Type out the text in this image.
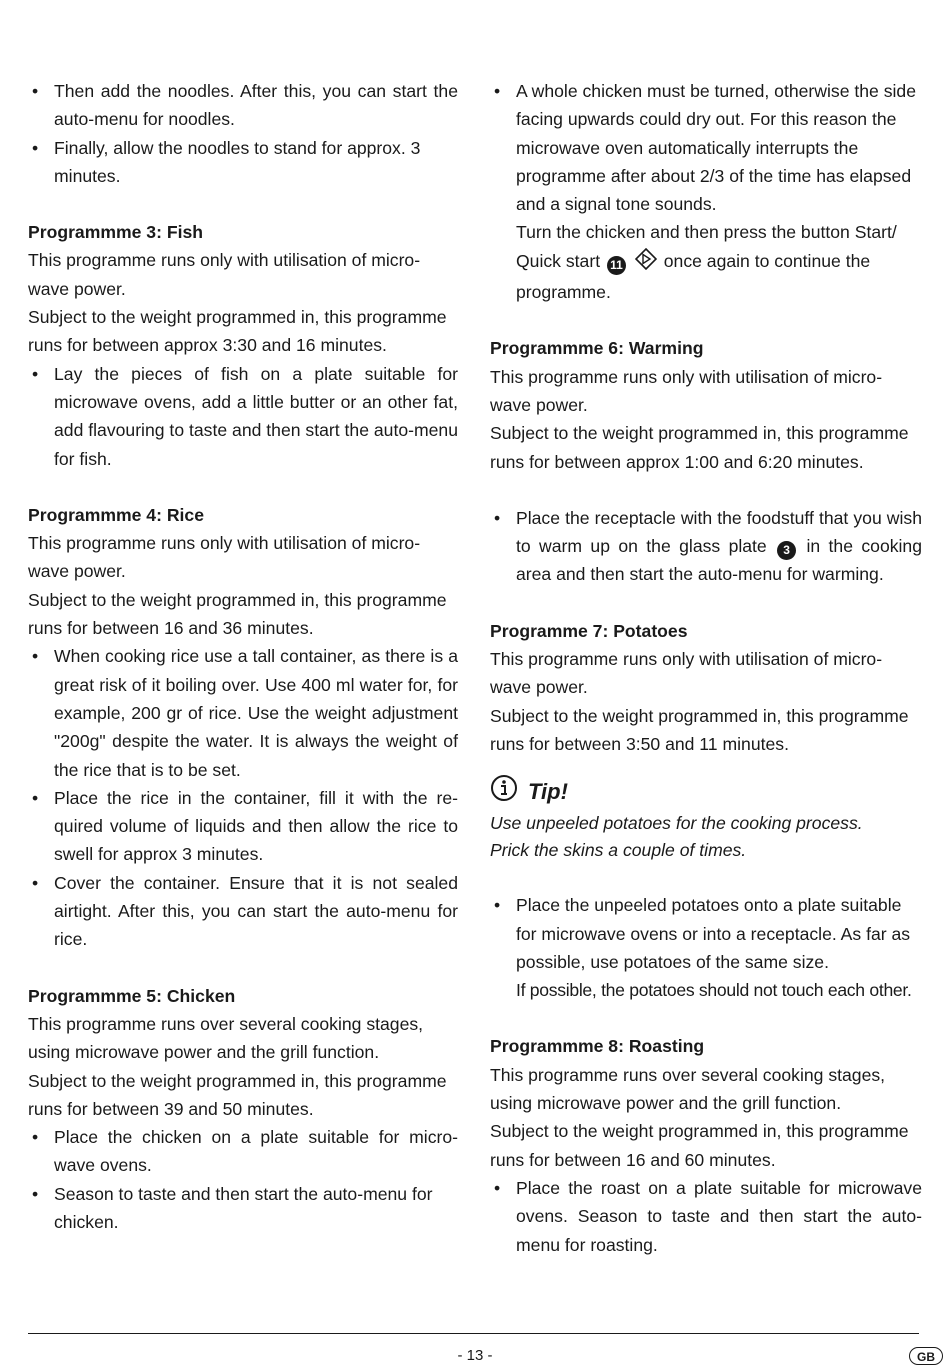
• Then add the noodles. After this, you can start the auto-menu for noodles.
• Finally, allow the noodles to stand for approx. 3 minutes.
Programmme 3: Fish

This programme runs only with utilisation of micro-wave power.

Subject to the weight programmed in, this programme runs for between approx 3:30 and 16 minutes.

• Lay the pieces of fish on a plate suitable for microwave ovens, add a little butter or an other fat, add flavouring to taste and then start the auto-menu for fish.
Programmme 4: Rice

This programme runs only with utilisation of micro-wave power.

Subject to the weight programmed in, this programme runs for between 16 and 36 minutes.

• When cooking rice use a tall container, as there is a great risk of it boiling over. Use 400 ml water for, for example, 200 gr of rice. Use the weight adjustment "200g" despite the water. It is always the weight of the rice that is to be set.
• Place the rice in the container, fill it with the re-quired volume of liquids and then allow the rice to swell for approx 3 minutes.
• Cover the container. Ensure that it is not sealed airtight. After this, you can start the auto-menu for rice.
Programmme 5: Chicken

This programme runs over several cooking stages, using microwave power and the grill function.

Subject to the weight programmed in, this programme runs for between 39 and 50 minutes.

• Place the chicken on a plate suitable for micro-wave ovens.
• Season to taste and then start the auto-menu for chicken.
• A whole chicken must be turned, otherwise the side facing upwards could dry out. For this reason the microwave oven automatically interrupts the programme after about 2/3 of the time has elapsed and a signal tone sounds.
Turn the chicken and then press the button Start/ Quick start 11 once again to continue the programme.
Programmme 6: Warming

This programme runs only with utilisation of micro-wave power.

Subject to the weight programmed in, this programme runs for between approx 1:00 and 6:20 minutes.

• Place the receptacle with the foodstuff that you wish to warm up on the glass plate 3 in the cooking area and then start the auto-menu for warming.
Programme 7: Potatoes

This programme runs only with utilisation of micro-wave power.

Subject to the weight programmed in, this programme runs for between 3:50 and 11 minutes.

Tip!
Use unpeeled potatoes for the cooking process.
Prick the skins a couple of times.
• Place the unpeeled potatoes onto a plate suitable for microwave ovens or into a receptacle. As far as possible, use potatoes of the same size.
If possible, the potatoes should not touch each other.
Programmme 8: Roasting

This programme runs over several cooking stages, using microwave power and the grill function.

Subject to the weight programmed in, this programme runs for between 16 and 60 minutes.

• Place the roast on a plate suitable for microwave ovens. Season to taste and then start the auto-menu for roasting.
- 13 -	GB
